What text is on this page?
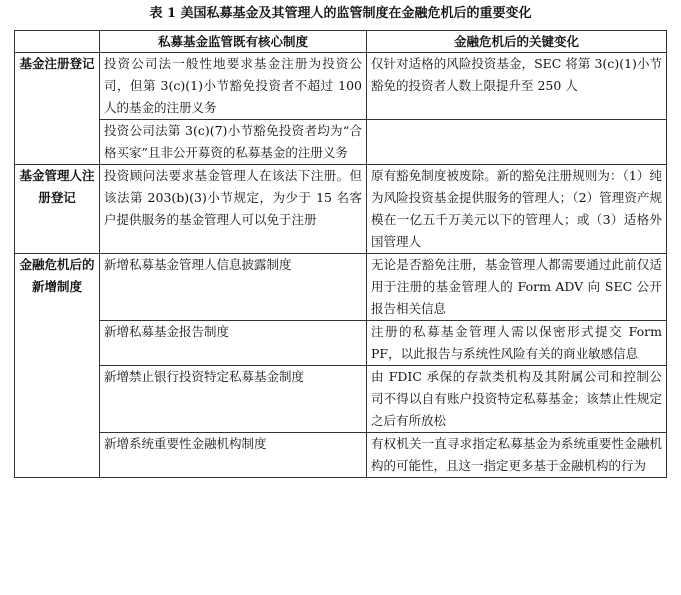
表 1 美国私募基金及其管理人的监管制度在金融危机后的重要变化
	私募基金监管既有核心制度	金融危机后的关键变化
基金注册登记	投资公司法一般性地要求基金注册为投资公司，但第 3(c)(1)小节豁免投资者不超过 100 人的基金的注册义务	仅针对适格的风险投资基金，SEC 将第 3(c)(1)小节豁免的投资者人数上限提升至 250 人
	投资公司法第 3(c)(7)小节豁免投资者均为“合格买家”且非公开募资的私募基金的注册义务	
基金管理人注册登记	投资顾问法要求基金管理人在该法下注册。但该法第 203(b)(3)小节规定，为少于 15 名客户提供服务的基金管理人可以免于注册	原有豁免制度被废除。新的豁免注册规则为：（1）纯为风险投资基金提供服务的管理人；（2）管理资产规模在一亿五千万美元以下的管理人；或（3）适格外国管理人
金融危机后的新增制度	新增私募基金管理人信息披露制度	无论是否豁免注册，基金管理人都需要通过此前仅适用于注册的基金管理人的 Form ADV 向 SEC 公开报告相关信息
	新增私募基金报告制度	注册的私募基金管理人需以保密形式提交 Form PF，以此报告与系统性风险有关的商业敏感信息
	新增禁止银行投资特定私募基金制度	由 FDIC 承保的存款类机构及其附属公司和控制公司不得以自有账户投资特定私募基金；该禁止性规定之后有所放松
	新增系统重要性金融机构制度	有权机关一直寻求指定私募基金为系统重要性金融机构的可能性，且这一指定更多基于金融机构的行为
